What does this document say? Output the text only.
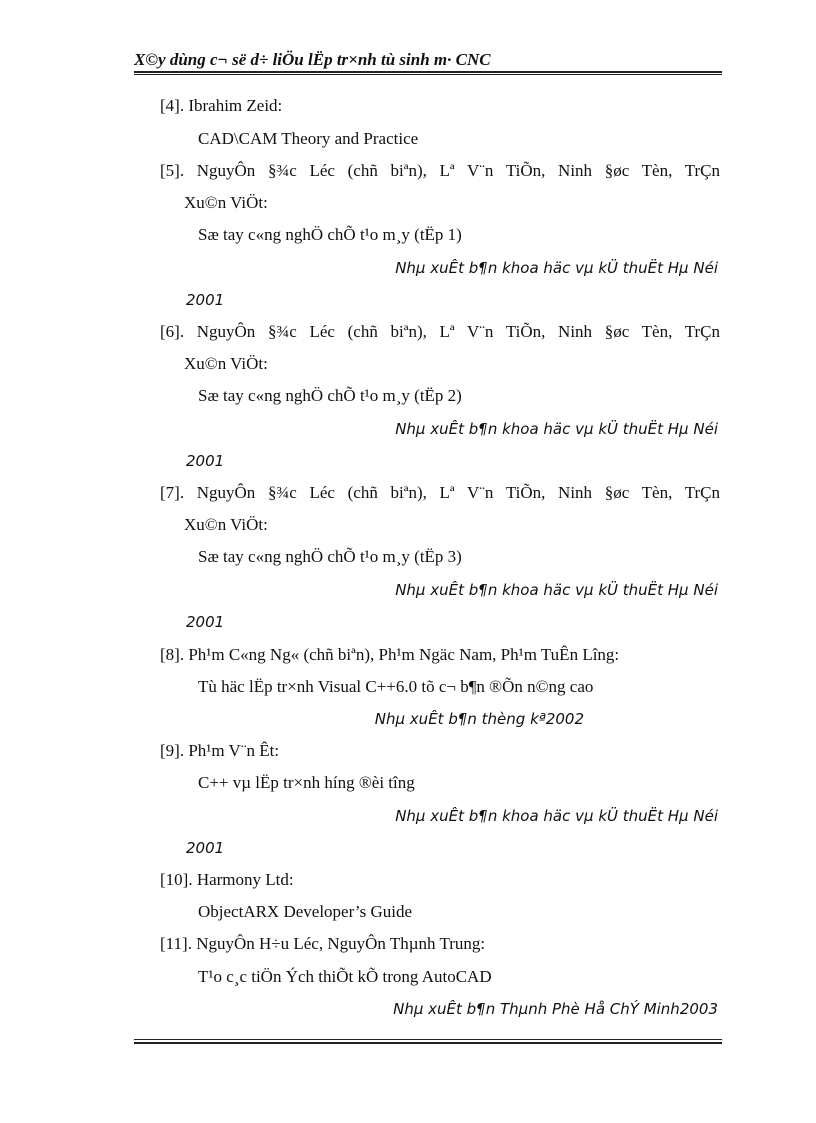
X©y dùng c¬ së d÷ liÖu lËp tr×nh tù sinh m· CNC
[4]. Ibrahim Zeid:
CAD\CAM Theory and Practice
[5]. NguyÔn §¾c Léc (chñ biªn), Lª V¨n TiÕn, Ninh §øc Tèn, TrÇn
Xu©n ViÖt:
Sæ tay c«ng nghÖ chÕ t¹o m¸y (tËp 1)
Nhµ xuÊt b¶n khoa häc vµ kÜ thuËt Hµ Néi
2001
[6]. NguyÔn §¾c Léc (chñ biªn), Lª V¨n TiÕn, Ninh §øc Tèn, TrÇn
Xu©n ViÖt:
Sæ tay c«ng nghÖ chÕ t¹o m¸y (tËp 2)
Nhµ xuÊt b¶n khoa häc vµ kÜ thuËt Hµ Néi
2001
[7]. NguyÔn §¾c Léc (chñ biªn), Lª V¨n TiÕn, Ninh §øc Tèn, TrÇn
Xu©n ViÖt:
Sæ tay c«ng nghÖ chÕ t¹o m¸y (tËp 3)
Nhµ xuÊt b¶n khoa häc vµ kÜ thuËt Hµ Néi
2001
[8]. Ph¹m C«ng Ng« (chñ biªn), Ph¹m Ngäc Nam, Ph¹m TuÊn Lîng:
Tù häc lËp tr×nh Visual C++6.0 tõ c¬ b¶n ®Õn n©ng cao
Nhµ xuÊt b¶n thèng kª2002
[9]. Ph¹m V¨n Êt:
C++ vµ lËp tr×nh híng ®èi tîng
Nhµ xuÊt b¶n khoa häc vµ kÜ thuËt Hµ Néi
2001
[10]. Harmony Ltd:
ObjectARX Developer’s Guide
[11]. NguyÔn H÷u Léc, NguyÔn Thµnh Trung:
T¹o c¸c tiÖn Ých thiÕt kÕ trong AutoCAD
Nhµ xuÊt b¶n Thµnh Phè Hå ChÝ Minh2003
